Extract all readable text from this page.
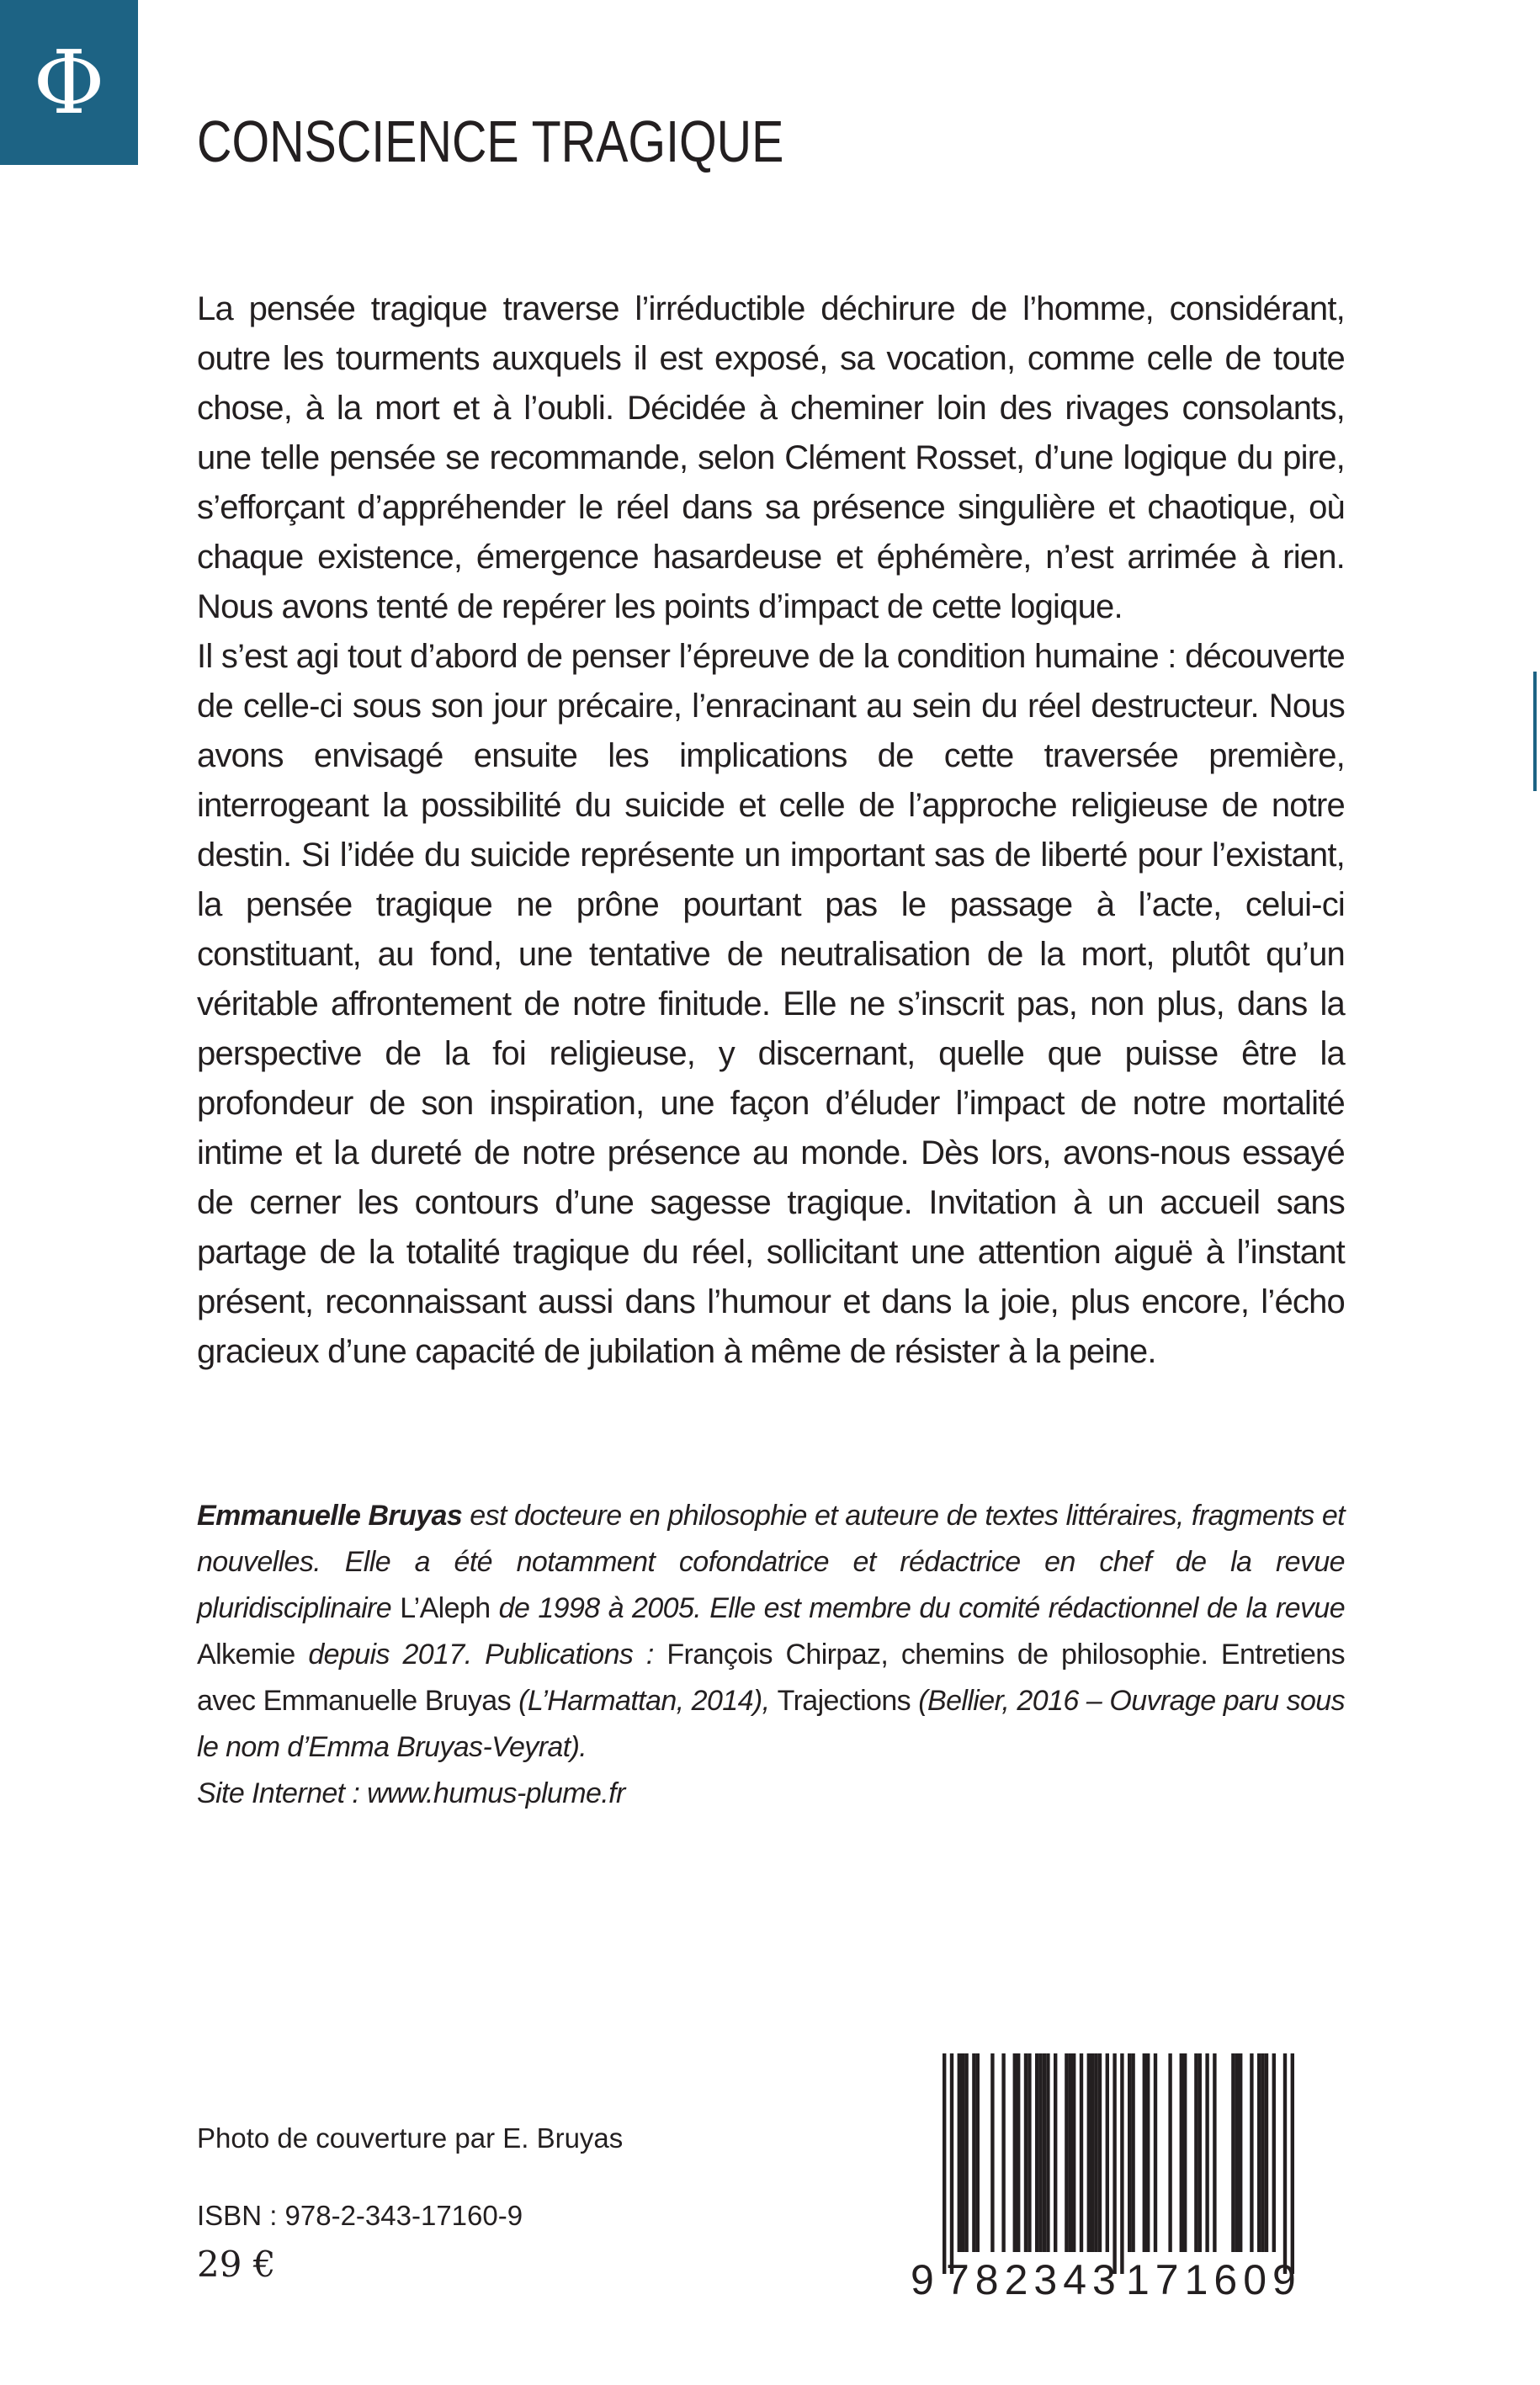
Φ
CONSCIENCE TRAGIQUE

La pensée tragique traverse l’irréductible déchirure de l’homme, considérant, outre les tourments auxquels il est exposé, sa vocation, comme celle de toute chose, à la mort et à l’oubli. Décidée à cheminer loin des rivages consolants, une telle pensée se recommande, selon Clément Rosset, d’une logique du pire, s’efforçant d’appréhender le réel dans sa présence singulière et chaotique, où chaque existence, émergence hasardeuse et éphémère, n’est arrimée à rien. Nous avons tenté de repérer les points d’impact de cette logique.

Il s’est agi tout d’abord de penser l’épreuve de la condition humaine : découverte de celle-ci sous son jour précaire, l’enracinant au sein du réel destructeur. Nous avons envisagé ensuite les implications de cette traversée première, interrogeant la possibilité du suicide et celle de l’approche religieuse de notre destin. Si l’idée du suicide représente un important sas de liberté pour l’existant, la pensée tragique ne prône pourtant pas le passage à l’acte, celui-ci constituant, au fond, une tentative de neutralisation de la mort, plutôt qu’un véritable affrontement de notre finitude. Elle ne s’inscrit pas, non plus, dans la perspective de la foi religieuse, y discernant, quelle que puisse être la profondeur de son inspiration, une façon d’éluder l’impact de notre mortalité intime et la dureté de notre présence au monde. Dès lors, avons-nous essayé de cerner les contours d’une sagesse tragique. Invitation à un accueil sans partage de la totalité tragique du réel, sollicitant une attention aiguë à l’instant présent, reconnaissant aussi dans l’humour et dans la joie, plus encore, l’écho gracieux d’une capacité de jubilation à même de résister à la peine.

Emmanuelle Bruyas est docteure en philosophie et auteure de textes littéraires, fragments et nouvelles. Elle a été notamment cofondatrice et rédactrice en chef de la revue pluridisciplinaire L’Aleph de 1998 à 2005. Elle est membre du comité rédactionnel de la revue Alkemie depuis 2017. Publications : François Chirpaz, chemins de philosophie. Entretiens avec Emmanuelle Bruyas (L’Harmattan, 2014), Trajections (Bellier, 2016 – Ouvrage paru sous le nom d’Emma Bruyas-Veyrat).

Site Internet : www.humus-plume.fr

Photo de couverture par E. Bruyas
ISBN : 978-2-343-17160-9
29 €	9 782343 171609
